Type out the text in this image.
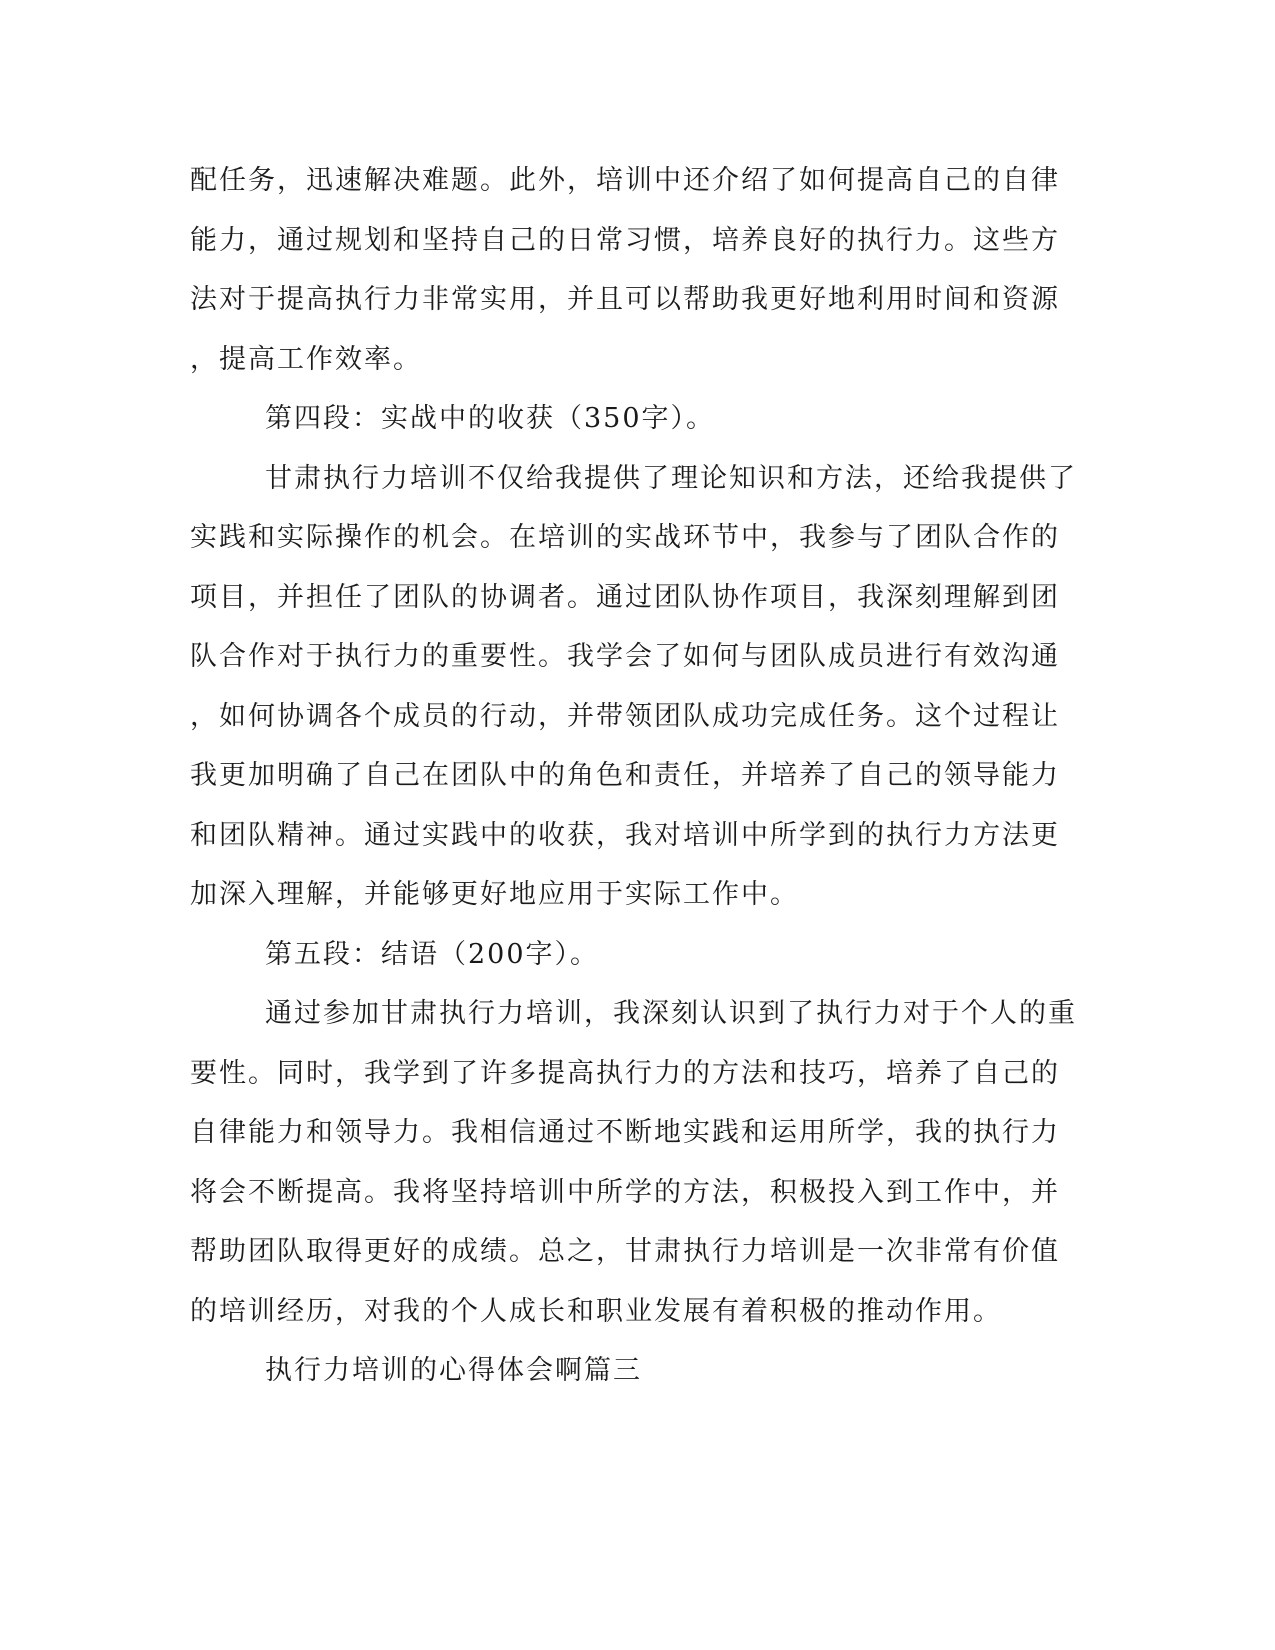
配任务，迅速解决难题。此外，培训中还介绍了如何提高自己的自律
能力，通过规划和坚持自己的日常习惯，培养良好的执行力。这些方
法对于提高执行力非常实用，并且可以帮助我更好地利用时间和资源
，提高工作效率。
第四段：实战中的收获（350字）。
甘肃执行力培训不仅给我提供了理论知识和方法，还给我提供了
实践和实际操作的机会。在培训的实战环节中，我参与了团队合作的
项目，并担任了团队的协调者。通过团队协作项目，我深刻理解到团
队合作对于执行力的重要性。我学会了如何与团队成员进行有效沟通
，如何协调各个成员的行动，并带领团队成功完成任务。这个过程让
我更加明确了自己在团队中的角色和责任，并培养了自己的领导能力
和团队精神。通过实践中的收获，我对培训中所学到的执行力方法更
加深入理解，并能够更好地应用于实际工作中。
第五段：结语（200字）。
通过参加甘肃执行力培训，我深刻认识到了执行力对于个人的重
要性。同时，我学到了许多提高执行力的方法和技巧，培养了自己的
自律能力和领导力。我相信通过不断地实践和运用所学，我的执行力
将会不断提高。我将坚持培训中所学的方法，积极投入到工作中，并
帮助团队取得更好的成绩。总之，甘肃执行力培训是一次非常有价值
的培训经历，对我的个人成长和职业发展有着积极的推动作用。
执行力培训的心得体会啊篇三
